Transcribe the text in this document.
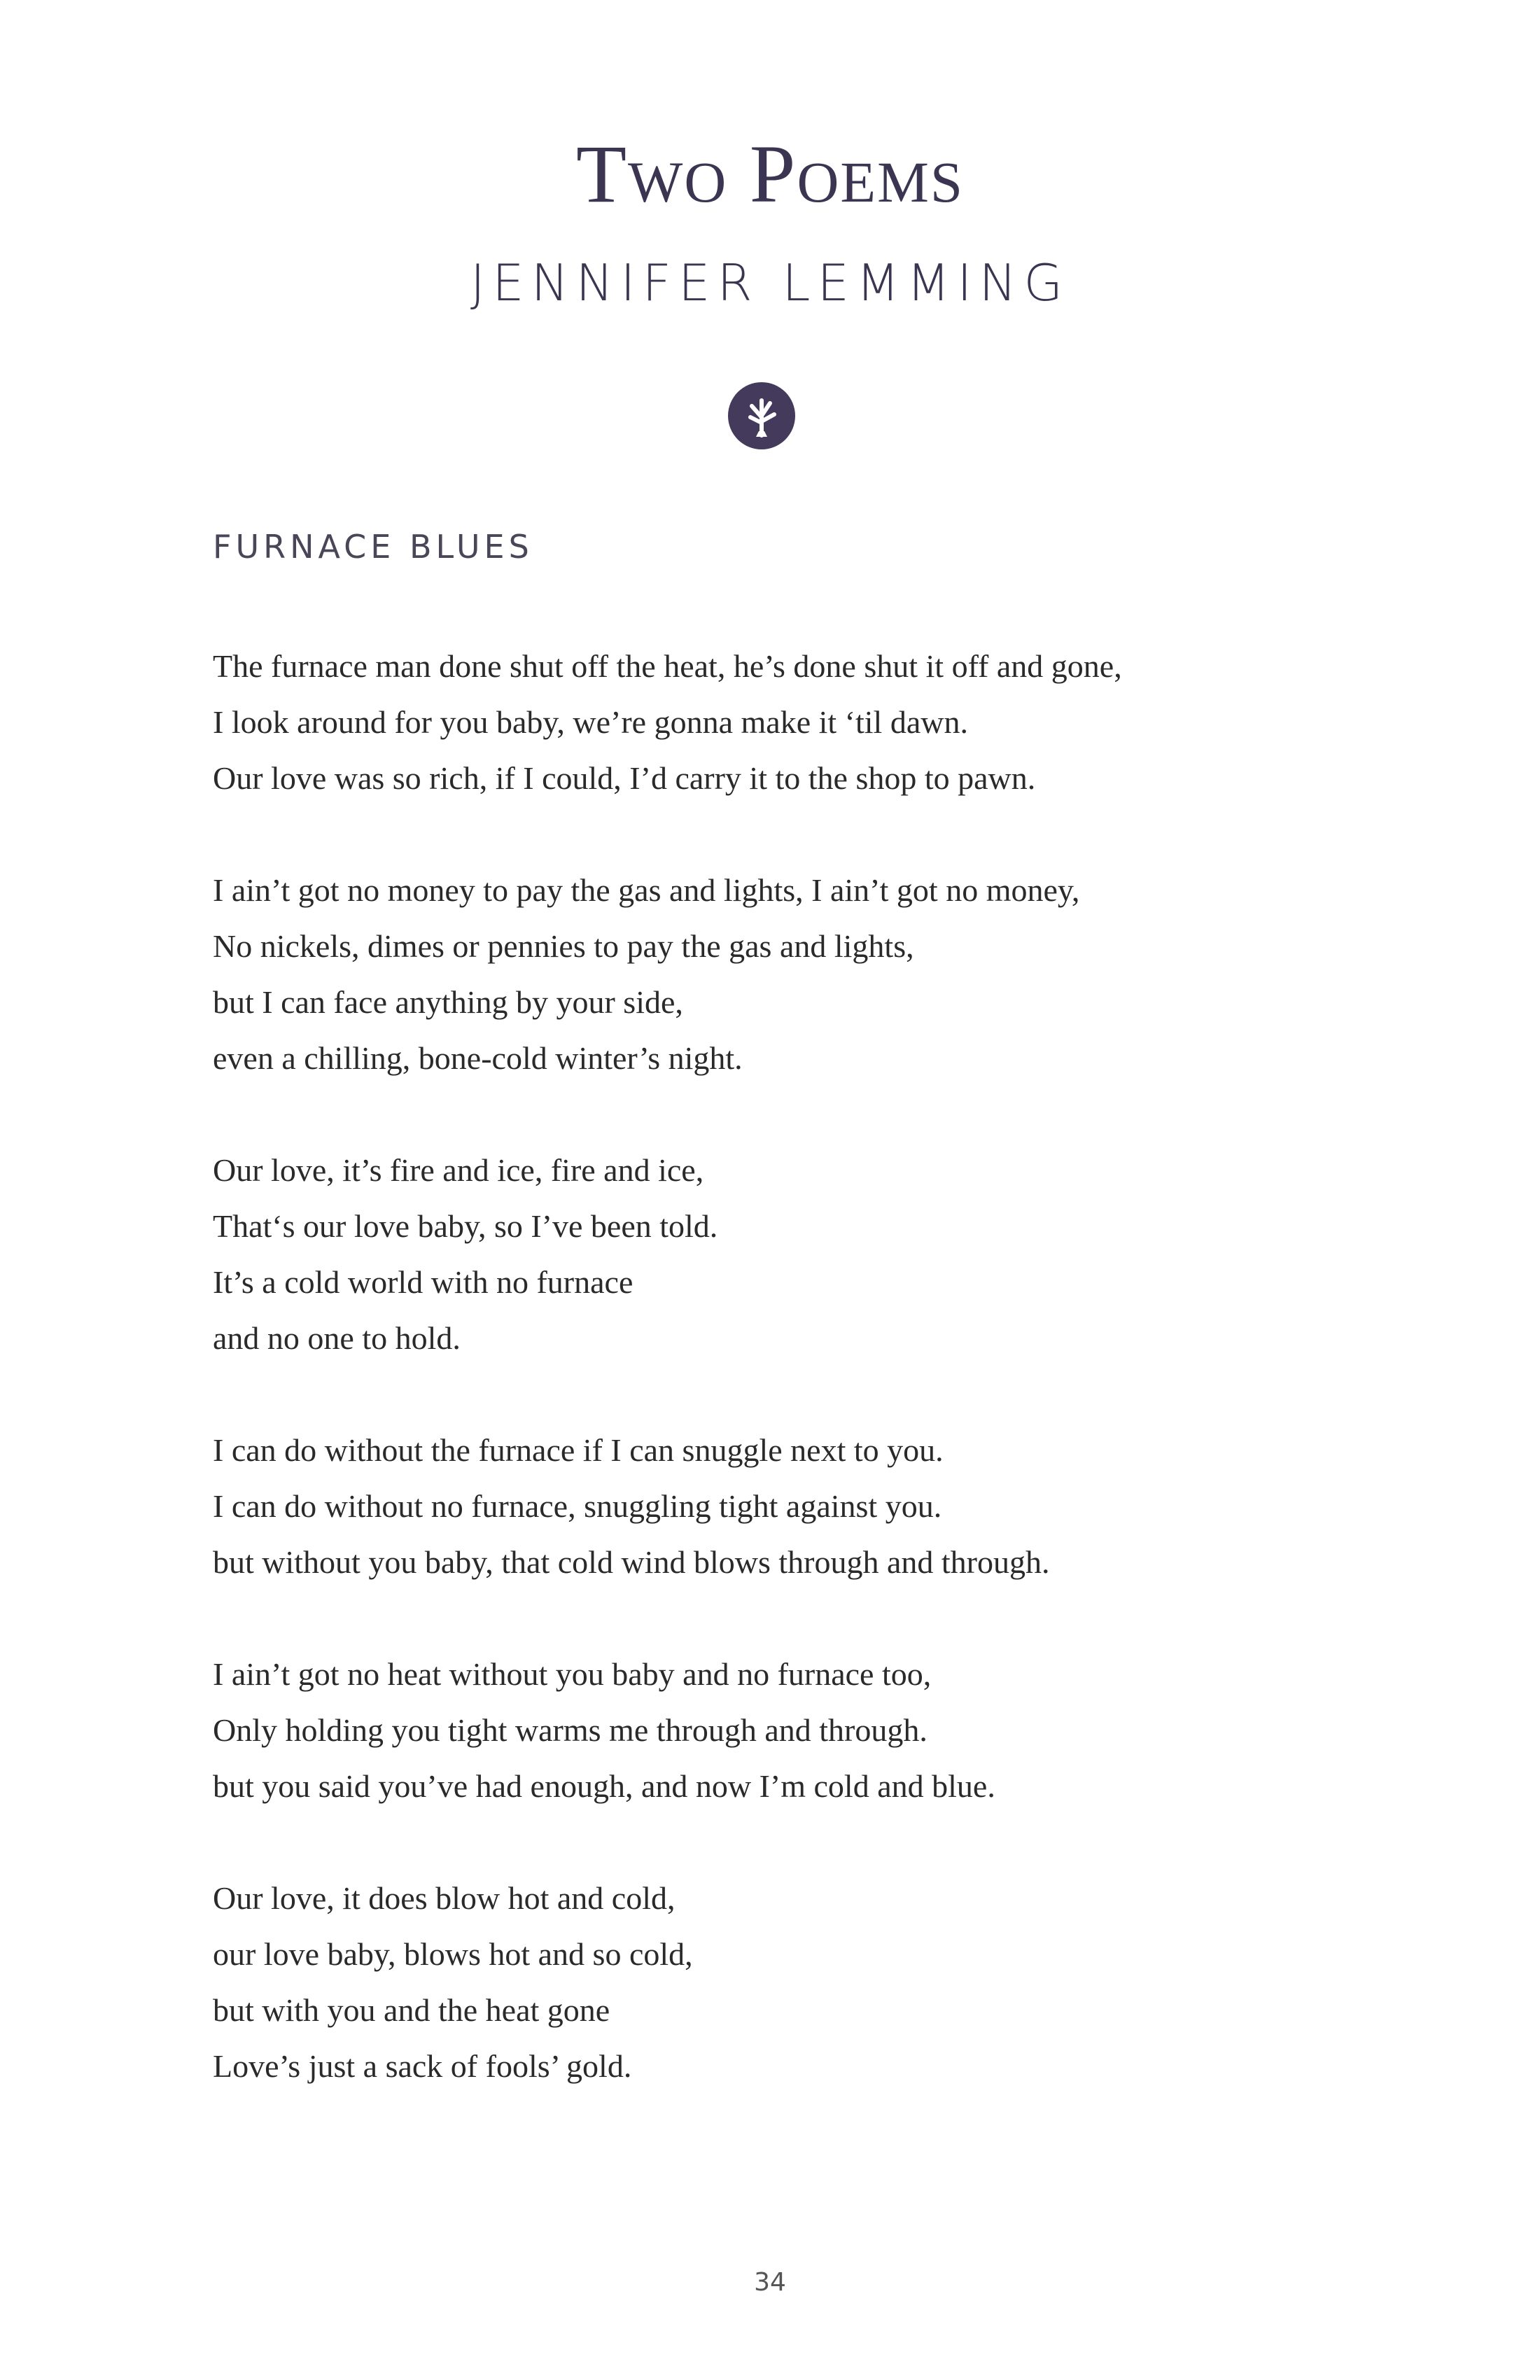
Two Poems
JENNIFER LEMMING
FURNACE BLUES
The furnace man done shut off the heat, he’s done shut it off and gone,
I look around for you baby, we’re gonna make it ‘til dawn.
Our love was so rich, if I could, I’d carry it to the shop to pawn.
I ain’t got no money to pay the gas and lights, I ain’t got no money,
No nickels, dimes or pennies to pay the gas and lights,
but I can face anything by your side,
even a chilling, bone-cold winter’s night.
Our love, it’s fire and ice, fire and ice,
That‘s our love baby, so I’ve been told.
It’s a cold world with no furnace
and no one to hold.
I can do without the furnace if I can snuggle next to you.
I can do without no furnace, snuggling tight against you.
but without you baby, that cold wind blows through and through.
I ain’t got no heat without you baby and no furnace too,
Only holding you tight warms me through and through.
but you said you’ve had enough, and now I’m cold and blue.
Our love, it does blow hot and cold,
our love baby, blows hot and so cold,
but with you and the heat gone
Love’s just a sack of fools’ gold.
34
